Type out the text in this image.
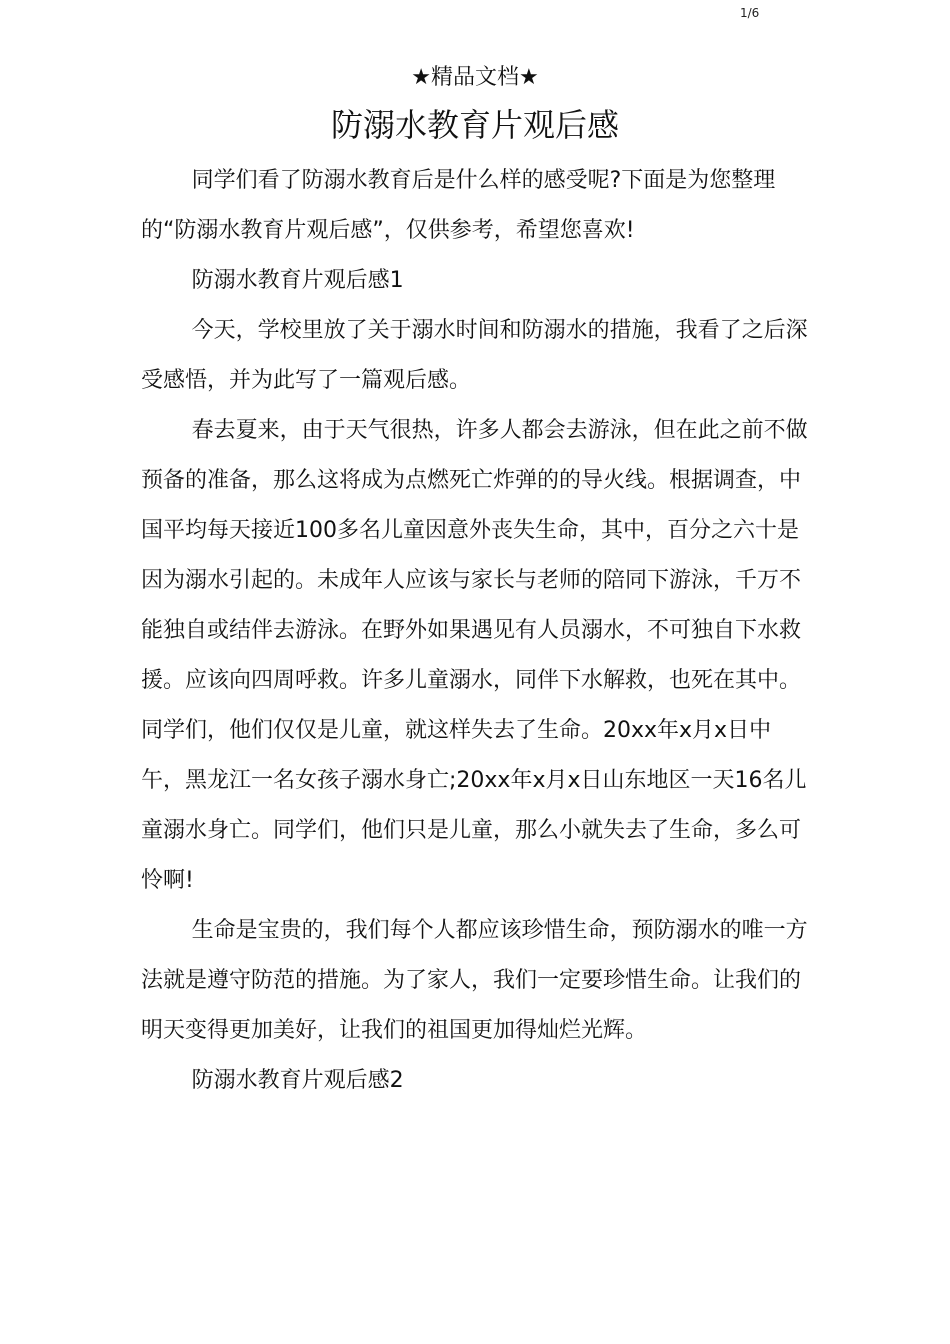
1/6
★精品文档★
防溺水教育片观后感

同学们看了防溺水教育后是什么样的感受呢?下面是为您整理的“防溺水教育片观后感”，仅供参考，希望您喜欢!

防溺水教育片观后感1

今天，学校里放了关于溺水时间和防溺水的措施，我看了之后深受感悟，并为此写了一篇观后感。

春去夏来，由于天气很热，许多人都会去游泳，但在此之前不做预备的准备，那么这将成为点燃死亡炸弹的的导火线。根据调查，中国平均每天接近100多名儿童因意外丧失生命，其中，百分之六十是因为溺水引起的。未成年人应该与家长与老师的陪同下游泳，千万不能独自或结伴去游泳。在野外如果遇见有人员溺水，不可独自下水救援。应该向四周呼救。许多儿童溺水，同伴下水解救，也死在其中。同学们，他们仅仅是儿童，就这样失去了生命。20xx年x月x日中午，黑龙江一名女孩子溺水身亡;20xx年x月x日山东地区一天16名儿童溺水身亡。同学们，他们只是儿童，那么小就失去了生命，多么可怜啊!

生命是宝贵的，我们每个人都应该珍惜生命，预防溺水的唯一方法就是遵守防范的措施。为了家人，我们一定要珍惜生命。让我们的明天变得更加美好，让我们的祖国更加得灿烂光辉。

防溺水教育片观后感2
